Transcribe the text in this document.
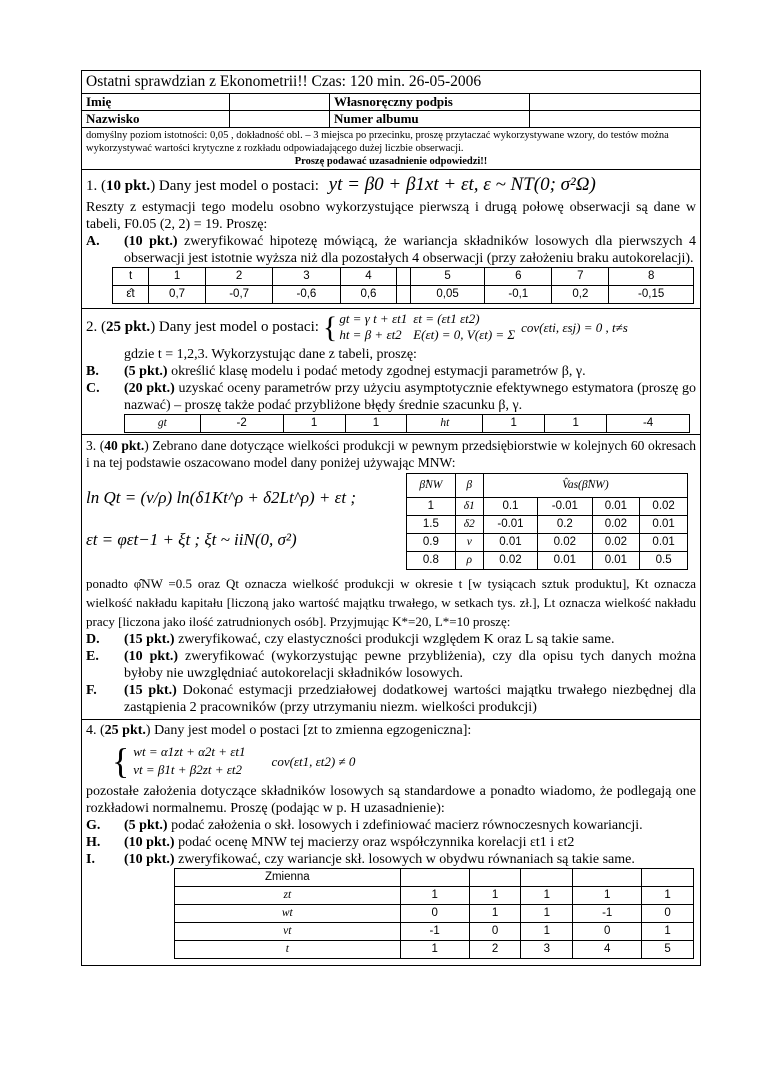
Ostatni sprawdzian z Ekonometrii!! Czas: 120 min. 26-05-2006
Imię	Własnoręczny podpis
Nazwisko	Numer albumu
domyślny poziom istotności: 0,05 , dokładność obl. – 3 miejsca po przecinku, proszę przytaczać wykorzystywane wzory, do testów można wykorzystywać wartości krytyczne z rozkładu odpowiadającego dużej liczbie obserwacji.
Proszę podawać uzasadnienie odpowiedzi!!
1. (10 pkt.) Dany jest model o postaci: yt = β0 + β1xt + εt, ε ~ NT(0; σ²Ω)
Reszty z estymacji tego modelu osobno wykorzystujące pierwszą i drugą połowę obserwacji są dane w tabeli, F0.05 (2, 2) = 19. Proszę:
A.	(10 pkt.) zweryfikować hipotezę mówiącą, że wariancja składników losowych dla pierwszych 4 obserwacji jest istotnie wyższa niż dla pozostałych 4 obserwacji (przy założeniu braku autokorelacji).
t	1	2	3	4		5	6	7	8
ε̂t	0,7	-0,7	-0,6	0,6		0,05	-0,1	0,2	-0,15
2. ( 25 pkt. ) Dany jest model o postaci: { gt = γ t + εt1
ht = β + εt2
εt = (εt1 εt2)
E(εt) = 0, V(εt) = Σ cov(εti, εsj) = 0 , t≠s
gdzie t = 1,2,3. Wykorzystując dane z tabeli, proszę:
B.	(5 pkt.) określić klasę modelu i podać metody zgodnej estymacji parametrów β, γ.
C.	(20 pkt.) uzyskać oceny parametrów przy użyciu asymptotycznie efektywnego estymatora (proszę go nazwać) – proszę także podać przybliżone błędy średnie szacunku β, γ.
gt	-2	1	1	ht	1	1	-4
3. (40 pkt.) Zebrano dane dotyczące wielkości produkcji w pewnym przedsiębiorstwie w kolejnych 60 okresach i na tej podstawie oszacowano model dany poniżej używając MNW:
ln Qt = (ν/ρ) ln(δ1Kt^ρ + δ2Lt^ρ) + εt ;
εt = φεt−1 + ξt ; ξt ~ iiN(0, σ²)
β̂NW	β	V̂as(β̂NW)			
1	δ1	0.1	-0.01	0.01	0.02
1.5	δ2	-0.01	0.2	0.02	0.01
0.9	ν	0.01	0.02	0.02	0.01
0.8	ρ	0.02	0.01	0.01	0.5
ponadto φ̂NW =0.5 oraz Qt oznacza wielkość produkcji w okresie t [w tysiącach sztuk produktu], Kt oznacza wielkość nakładu kapitału [liczoną jako wartość majątku trwałego, w setkach tys. zł.], Lt oznacza wielkość nakładu pracy [liczona jako ilość zatrudnionych osób]. Przyjmując K*=20, L*=10 proszę:
D.	(15 pkt.) zweryfikować, czy elastyczności produkcji względem K oraz L są takie same.
E.	(10 pkt.) zweryfikować (wykorzystując pewne przybliżenia), czy dla opisu tych danych można byłoby nie uwzględniać autokorelacji składników losowych.
F.	(15 pkt.) Dokonać estymacji przedziałowej dodatkowej wartości majątku trwałego niezbędnej dla zastąpienia 2 pracowników (przy utrzymaniu niezm. wielkości produkcji)
4. (25 pkt.) Dany jest model o postaci [zt to zmienna egzogeniczna]:
{ wt = α1zt + α2t + εt1
vt = β1t + β2zt + εt2
cov(εt1, εt2) ≠ 0
pozostałe założenia dotyczące składników losowych są standardowe a ponadto wiadomo, że podlegają one rozkładowi normalnemu. Proszę (podając w p. H uzasadnienie):
G.	(5 pkt.) podać założenia o skł. losowych i zdefiniować macierz równoczesnych kowariancji.
H.	(10 pkt.) podać ocenę MNW tej macierzy oraz współczynnika korelacji εt1 i εt2
I.	(10 pkt.) zweryfikować, czy wariancje skł. losowych w obydwu równaniach są takie same.
Zmienna					
zt	1	1	1	1	1
wt	0	1	1	-1	0
vt	-1	0	1	0	1
t	1	2	3	4	5
